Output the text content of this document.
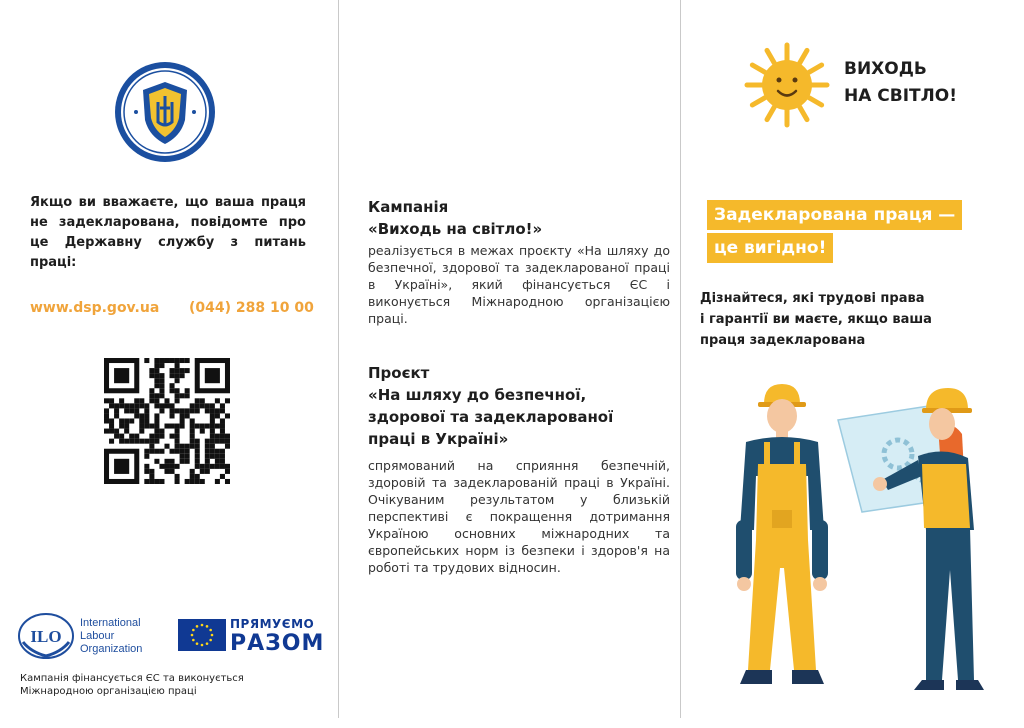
Якщо ви вважаєте, що ваша праця не задекларована, повідомте про це Державну службу з питань праці:

www.dsp.gov.ua (044) 288 10 00
ILO
International
Labour
Organization
ПРЯМУЄМО
РАЗОМ

Кампанія фінансується ЄС та виконується Міжнародною організацією праці

Кампанія
«Виходь на світло!»

реалізується в межах проєкту «На шляху до безпечної, здорової та задекларованої праці в Україні», який фінансується ЄС і виконується Міжнародною організацією праці.

Проєкт
«На шляху до безпечної,
здорової та задекларованої
праці в Україні»

спрямований на сприяння безпечній, здоровій та задекларованій праці в Україні. Очікуваним результатом у близькій перспективі є покращення дотримання Україною основних міжнародних та європейських норм із безпеки і здоров'я на роботі та трудових відносин.

ВИХОДЬ
НА СВІТЛО!
Задекларована праця —
це вигідно!

Дізнайтеся, які трудові права
і гарантії ви маєте, якщо ваша
праця задекларована
